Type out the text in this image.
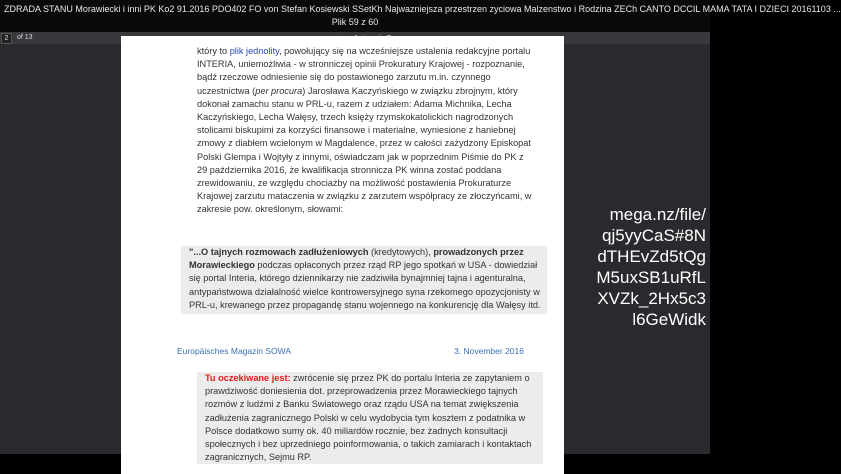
ZDRADA STANU Morawiecki i inni PK Ko2 91.2016 PDO402 FO von Stefan Kosiewski SSetKh Najwazniejsza przestrzen zyciowa Malzenstwo i Rodzina ZECh CANTO DCCIL MAMA TATA I DZIECI 20161103 ...
Plik 59 z 60
2	of 13
który to plik jednolity, powołujący się na wcześniejsze ustalenia redakcyjne portalu INTERIA, uniemożliwia - w stronniczej opinii Prokuratury Krajowej - rozpoznanie, bądź rzeczowe odniesienie się do postawionego zarzutu m.in. czynnego uczestnictwa (per procura) Jarosława Kaczyńskiego w związku zbrojnym, który dokonał zamachu stanu w PRL-u, razem z udziałem: Adama Michnika, Lecha Kaczyńskiego, Lecha Wałęsy, trzech księży rzymskokatolickich nagrodzonych stolicami biskupimi za korzyści finansowe i materialne, wyniesione z haniebnej zmowy z diabłem wcielonym w Magdalence, przez w całości zażydzony Episkopat Polski Glempa i Wojtyły z innymi, oświadczam jak w poprzednim Piśmie do PK z 29 października 2016, że kwalifikacja stronnicza PK winna zostać poddana zrewidowaniu, ze względu chociażby na możliwość postawienia Prokuraturze Krajowej zarzutu mataczenia w związku z zarzutem współpracy ze złoczyńcami, w zakresie pow. określonym, słowami:
"...O tajnych rozmowach zadłużeniowych (kredytowych), prowadzonych przez Morawieckiego podczas opłaconych przez rząd RP jego spotkań w USA - dowiedział się portal Interia, którego dziennikarzy nie zadziwiła bynajmniej tajna i agenturalna, antypaństwowa działalność wielce kontrowersyjnego syna rzekomego opozycjonisty w PRL-u, krewanego przez propagandę stanu wojennego na konkurencję dla Wałęsy itd.
Europäisches Magazin SOWA	3. November 2016
Tu oczekiwane jest: zwrócenie się przez PK do portalu Interia ze zapytaniem o prawdziwość doniesienia dot. przeprowadzenia przez Morawieckiego tajnych rozmów z ludźmi z Banku Swiatowego oraz rządu USA na temat zwiększenia zadłużenia zagranicznego Polski w celu wydobycia tym kosztem z podatnika w Polsce dodatkowo sumy ok. 40 miliardów rocznie, bez żadnych konsultacji społecznych i bez uprzedniego poinformowania, o takich zamiarach i kontaktach zagranicznych, Sejmu RP.
mega.nz/file/
qj5yyCaS#8N
dTHEvZd5tQg
M5uxSB1uRfL
XVZk_2Hx5c3
l6GeWidk
